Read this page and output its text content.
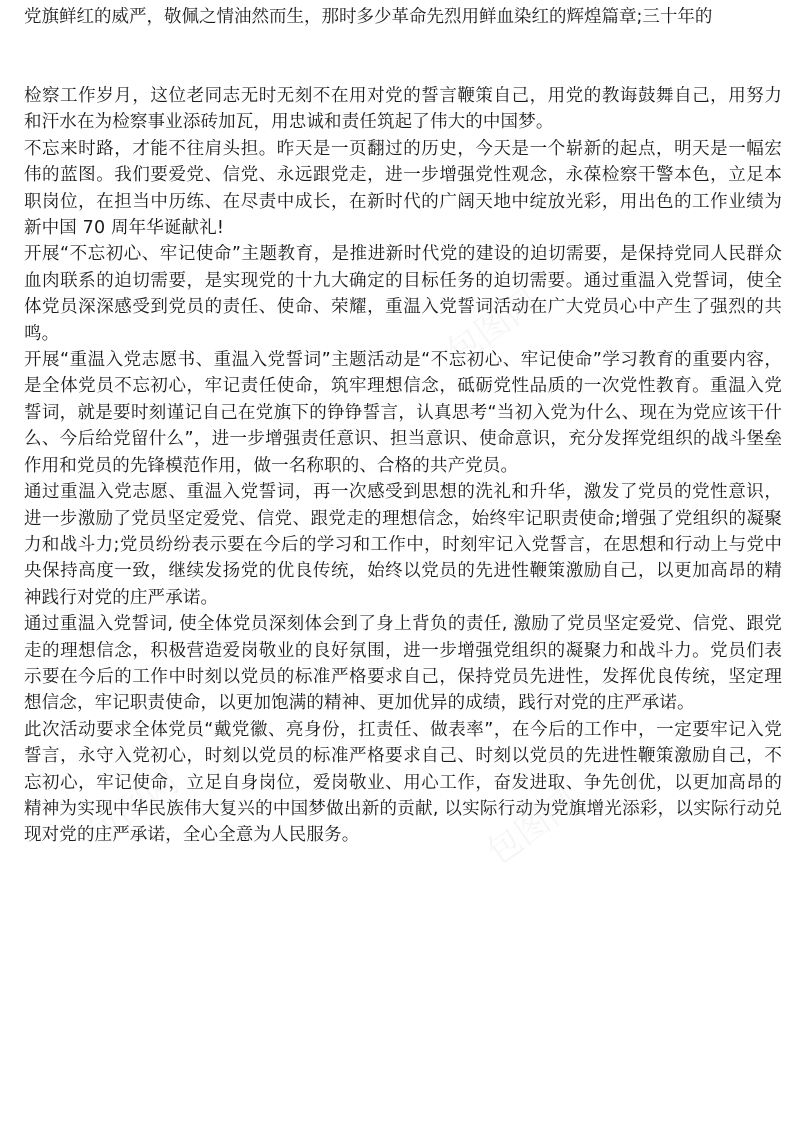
党旗鲜红的威严，敬佩之情油然而生，那时多少革命先烈用鲜血染红的辉煌篇章;三十年的

检察工作岁月，这位老同志无时无刻不在用对党的誓言鞭策自己，用党的教诲鼓舞自己，用努力和汗水在为检察事业添砖加瓦，用忠诚和责任筑起了伟大的中国梦。

不忘来时路，才能不往肩头担。昨天是一页翻过的历史，今天是一个崭新的起点，明天是一幅宏伟的蓝图。我们要爱党、信党、永远跟党走，进一步增强党性观念，永葆检察干警本色，立足本职岗位，在担当中历练、在尽责中成长，在新时代的广阔天地中绽放光彩，用出色的工作业绩为新中国 70 周年华诞献礼!

开展“不忘初心、牢记使命”主题教育，是推进新时代党的建设的迫切需要，是保持党同人民群众血肉联系的迫切需要，是实现党的十九大确定的目标任务的迫切需要。通过重温入党誓词，使全体党员深深感受到党员的责任、使命、荣耀，重温入党誓词活动在广大党员心中产生了强烈的共鸣。

开展“重温入党志愿书、重温入党誓词”主题活动是“不忘初心、牢记使命”学习教育的重要内容，是全体党员不忘初心，牢记责任使命，筑牢理想信念，砥砺党性品质的一次党性教育。重温入党誓词，就是要时刻谨记自己在党旗下的铮铮誓言，认真思考“当初入党为什么、现在为党应该干什么、今后给党留什么”，进一步增强责任意识、担当意识、使命意识，充分发挥党组织的战斗堡垒作用和党员的先锋模范作用，做一名称职的、合格的共产党员。

通过重温入党志愿、重温入党誓词，再一次感受到思想的洗礼和升华，激发了党员的党性意识，进一步激励了党员坚定爱党、信党、跟党走的理想信念，始终牢记职责使命;增强了党组织的凝聚力和战斗力;党员纷纷表示要在今后的学习和工作中，时刻牢记入党誓言，在思想和行动上与党中央保持高度一致，继续发扬党的优良传统，始终以党员的先进性鞭策激励自己，以更加高昂的精神践行对党的庄严承诺。

通过重温入党誓词, 使全体党员深刻体会到了身上背负的责任, 激励了党员坚定爱党、信党、跟党走的理想信念，积极营造爱岗敬业的良好氛围，进一步增强党组织的凝聚力和战斗力。党员们表示要在今后的工作中时刻以党员的标准严格要求自己，保持党员先进性，发挥优良传统，坚定理想信念，牢记职责使命，以更加饱满的精神、更加优异的成绩，践行对党的庄严承诺。

此次活动要求全体党员“戴党徽、亮身份，扛责任、做表率”，在今后的工作中，一定要牢记入党誓言，永守入党初心，时刻以党员的标准严格要求自己、时刻以党员的先进性鞭策激励自己，不忘初心，牢记使命，立足自身岗位，爱岗敬业、用心工作，奋发进取、争先创优，以更加高昂的精神为实现中华民族伟大复兴的中国梦做出新的贡献, 以实际行动为党旗增光添彩，以实际行动兑现对党的庄严承诺，全心全意为人民服务。
